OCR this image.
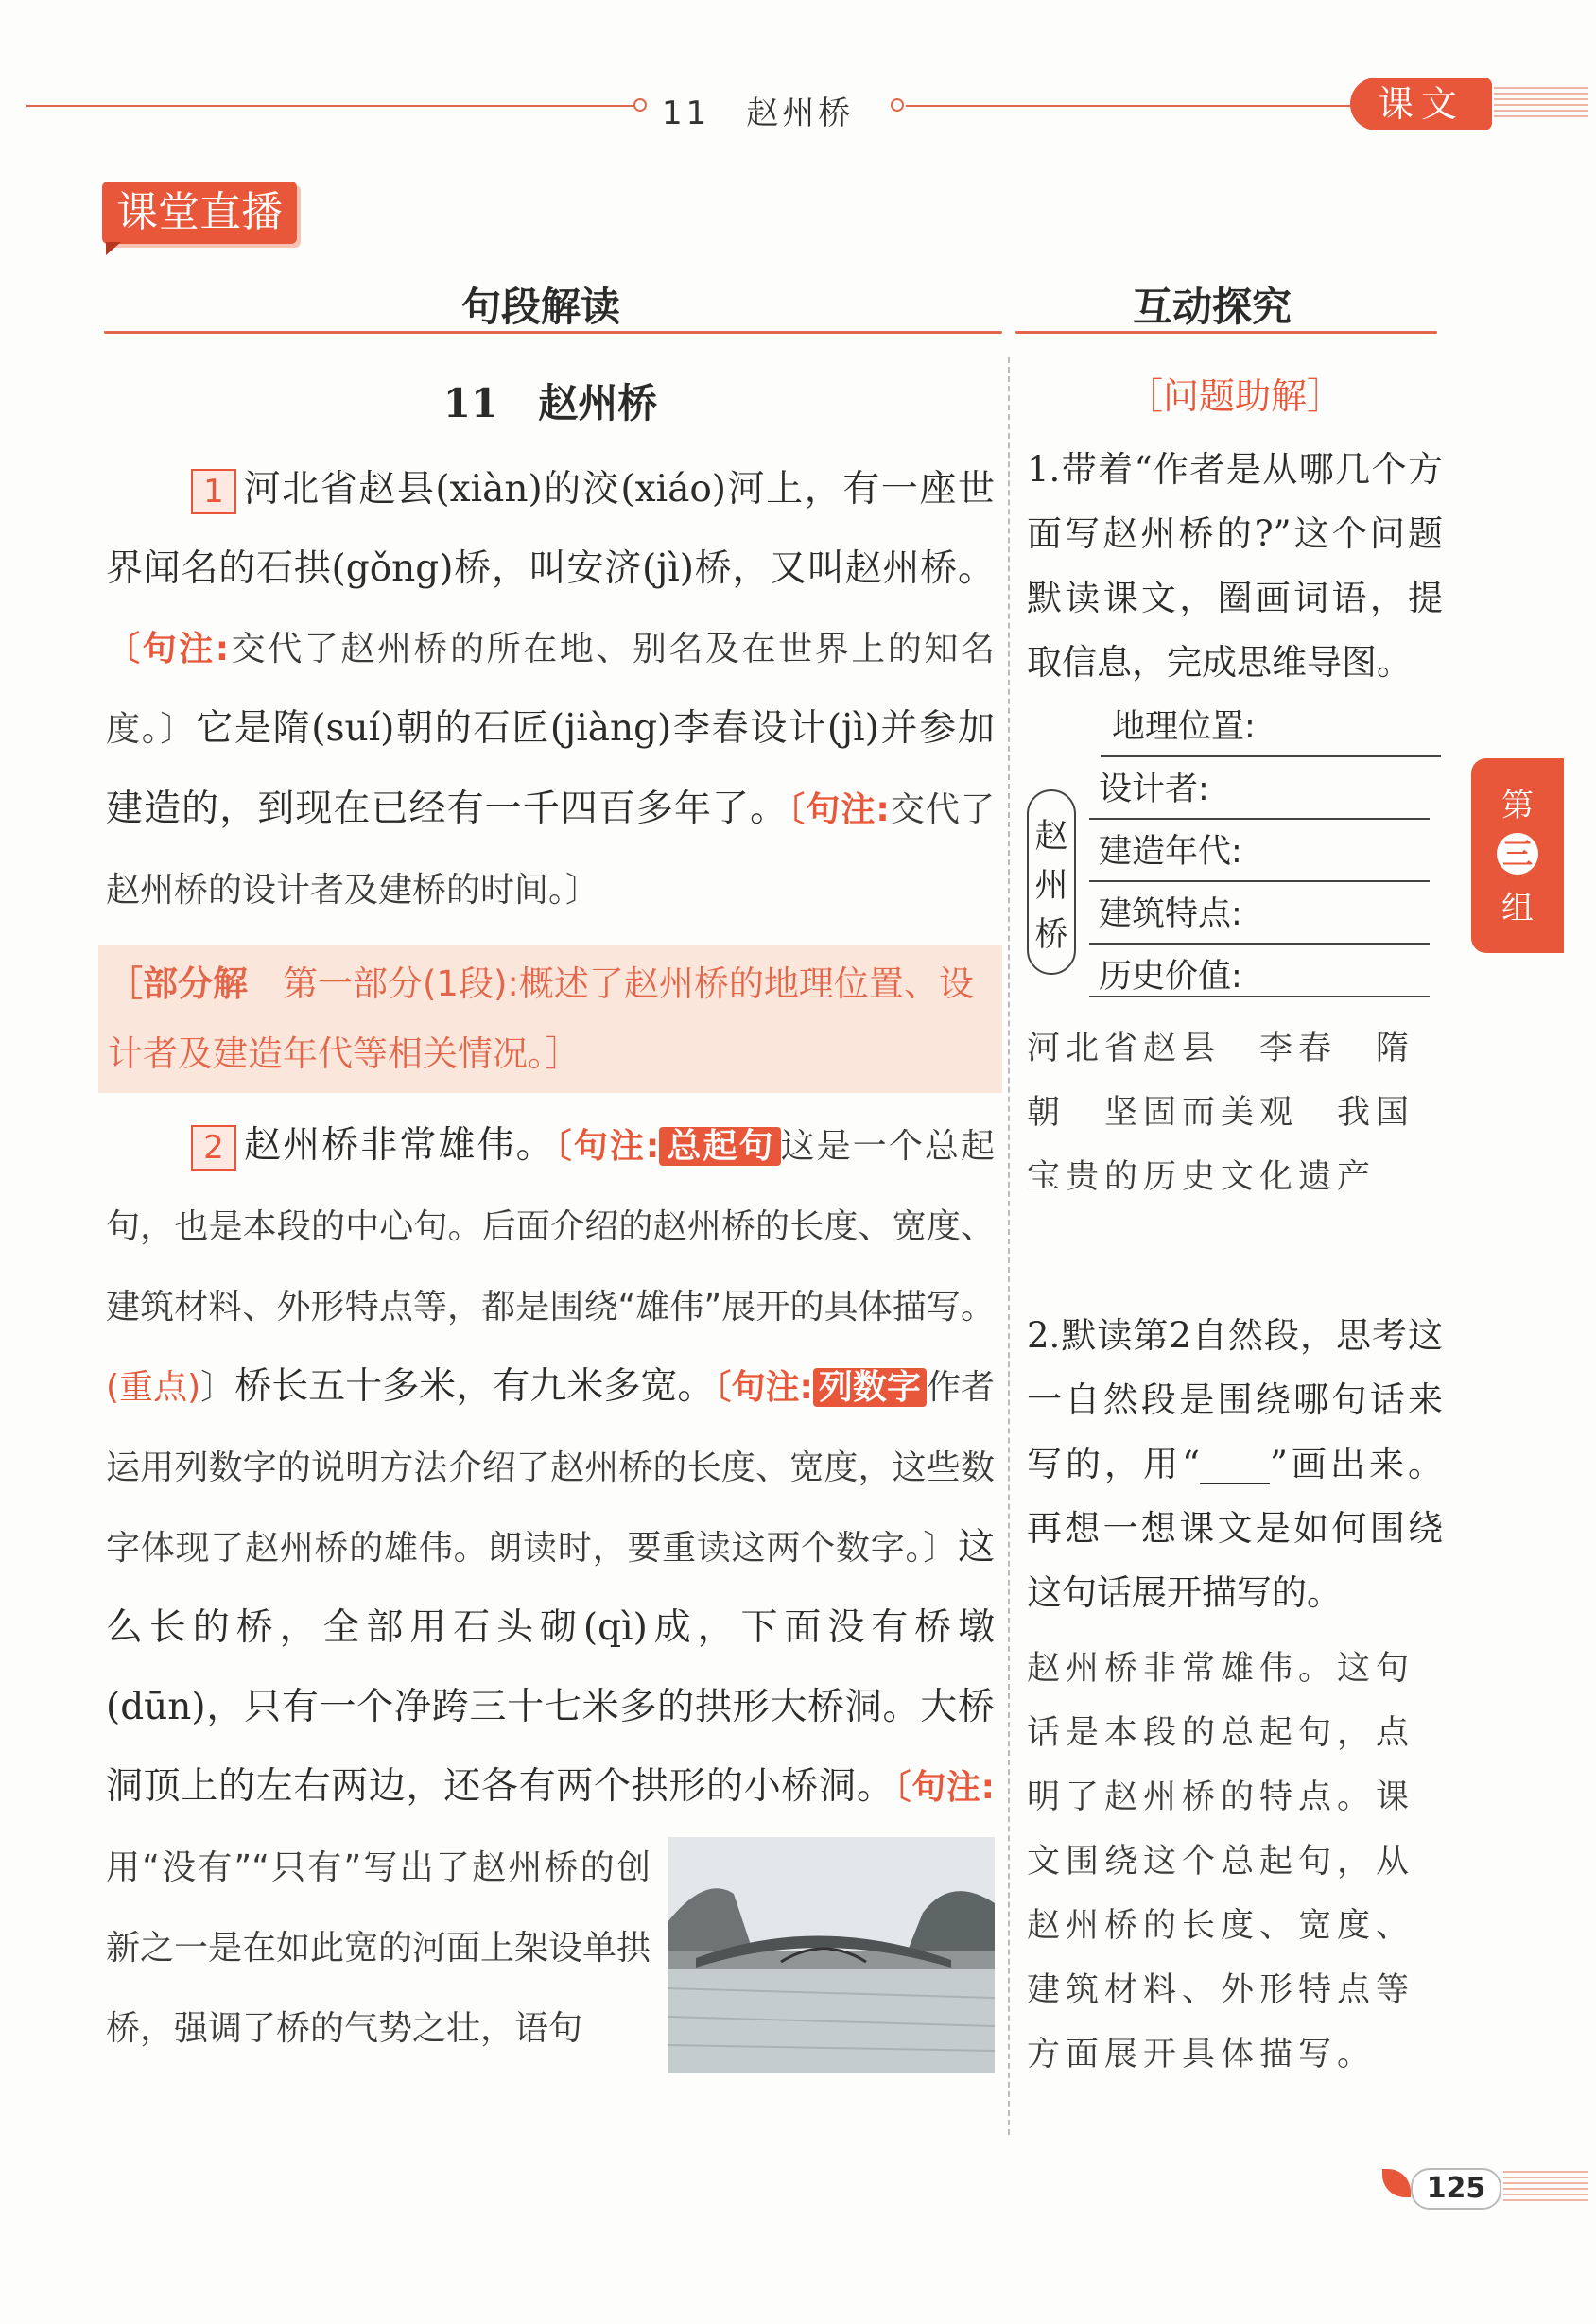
11　赵州桥	课文
课堂直播
句段解读	互动探究
11　赵州桥

1 河北省赵县(xiàn)的洨(xiáo)河上，有一座世界闻名的石拱(gǒng)桥，叫安济(jì)桥，又叫赵州桥。〔句注:交代了赵州桥的所在地、别名及在世界上的知名度。〕它是隋(suí)朝的石匠(jiàng)李春设计(jì)并参加建造的，到现在已经有一千四百多年了。〔句注:交代了赵州桥的设计者及建桥的时间。〕

［部分解　第一部分(1段):概述了赵州桥的地理位置、设计者及建造年代等相关情况。］

2 赵州桥非常雄伟。〔句注: 总起句 这是一个总起句，也是本段的中心句。后面介绍的赵州桥的长度、宽度、建筑材料、外形特点等，都是围绕“雄伟”展开的具体描写。(重点)〕桥长五十多米，有九米多宽。〔句注: 列数字 作者运用列数字的说明方法介绍了赵州桥的长度、宽度，这些数字体现了赵州桥的雄伟。朗读时，要重读这两个数字。〕这么长的桥，全部用石头砌(qì)成，下面没有桥墩(dūn)，只有一个净跨三十七米多的拱形大桥洞。大桥洞顶上的左右两边，还各有两个拱形的小桥洞。
〔句注:用“没有”“只有”写出了赵州桥的创新之一是在如此宽的河面上架设单拱桥，强调了桥的气势之壮，语句

［问题助解］

1.带着“作者是从哪几个方面写赵州桥的?”这个问题默读课文，圈画词语，提取信息，完成思维导图。

赵州桥
地理位置:
设计者:
建造年代:
建筑特点:
历史价值:

河北省赵县　李春　隋朝　坚固而美观　我国宝贵的历史文化遗产

2.默读第2自然段，思考这一自然段是围绕哪句话来写的，用“____”画出来。再想一想课文是如何围绕这句话展开描写的。

赵州桥非常雄伟。这句话是本段的总起句，点明了赵州桥的特点。课文围绕这个总起句，从赵州桥的长度、宽度、建筑材料、外形特点等方面展开具体描写。

第
三
组
125
